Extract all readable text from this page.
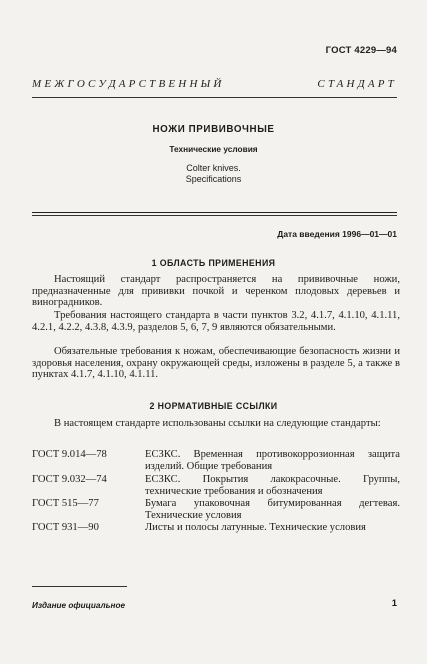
ГОСТ 4229—94
МЕЖГОСУДАРСТВЕННЫЙ СТАНДАРТ
НОЖИ ПРИВИВОЧНЫЕ
Технические условия
Colter knives.
Specifications
Дата введения 1996—01—01
1 ОБЛАСТЬ ПРИМЕНЕНИЯ

Настоящий стандарт распространяется на прививочные ножи, предназначенные для прививки почкой и черенком плодовых деревьев и виноградников.

Требования настоящего стандарта в части пунктов 3.2, 4.1.7, 4.1.10, 4.1.11, 4.2.1, 4.2.2, 4.3.8, 4.3.9, разделов 5, 6, 7, 9 являются обязательными.

Обязательные требования к ножам, обеспечивающие безопасность жизни и здоровья населения, охрану окружающей среды, изложены в разделе 5, а также в пунктах 4.1.7, 4.1.10, 4.1.11.

2 НОРМАТИВНЫЕ ССЫЛКИ

В настоящем стандарте использованы ссылки на следующие стандарты:

ГОСТ 9.014—78	ЕСЗКС. Временная противокоррозионная защита изделий. Общие требования
ГОСТ 9.032—74	ЕСЗКС. Покрытия лакокрасочные. Группы, технические требования и обозначения
ГОСТ 515—77	Бумага упаковочная битумированная дегтевая. Технические условия
ГОСТ 931—90	Листы и полосы латунные. Технические условия
Издание официальное	1
